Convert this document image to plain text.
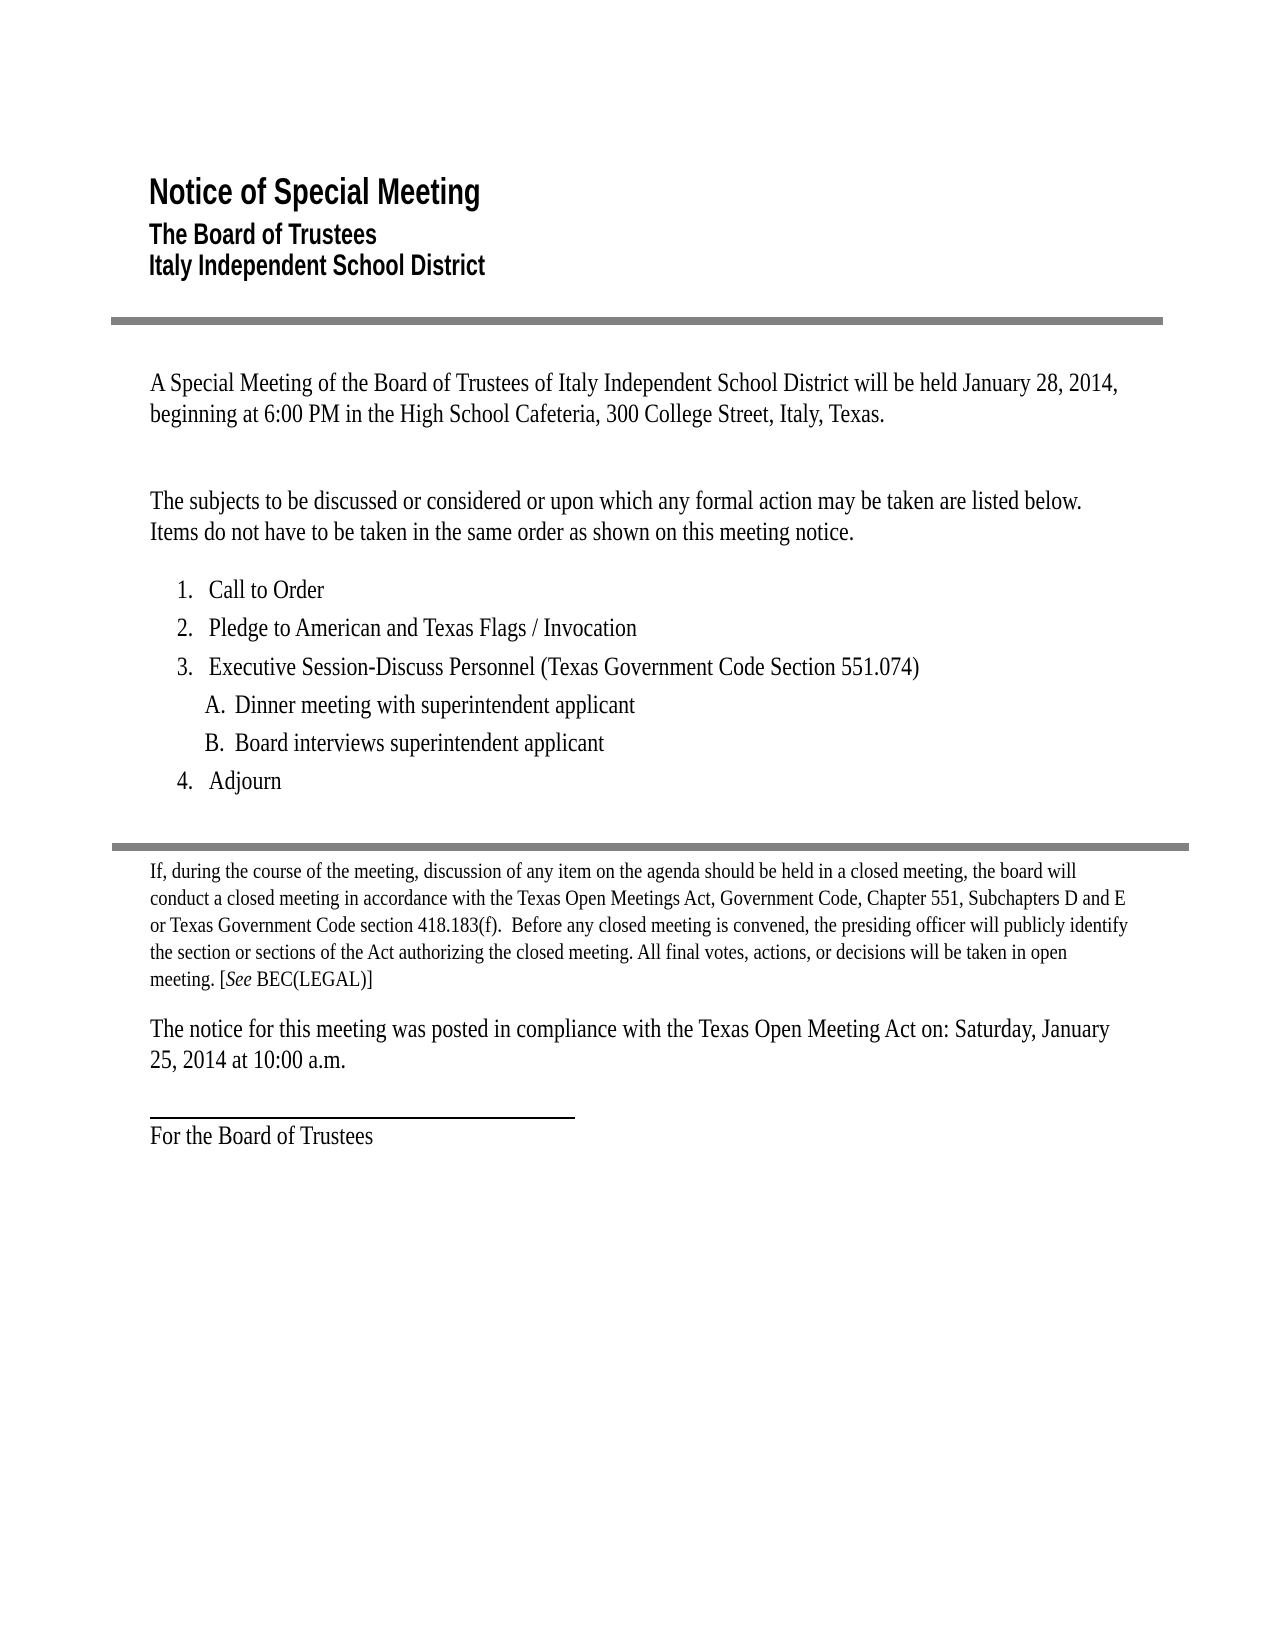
Notice of Special Meeting
The Board of Trustees
Italy Independent School District

A Special Meeting of the Board of Trustees of Italy Independent School District will be held January 28, 2014, beginning at 6:00 PM in the High School Cafeteria, 300 College Street, Italy, Texas.

The subjects to be discussed or considered or upon which any formal action may be taken are listed below. Items do not have to be taken in the same order as shown on this meeting notice.

1. Call to Order
2. Pledge to American and Texas Flags / Invocation
3. Executive Session-Discuss Personnel (Texas Government Code Section 551.074)
A. Dinner meeting with superintendent applicant
B. Board interviews superintendent applicant
4. Adjourn

If, during the course of the meeting, discussion of any item on the agenda should be held in a closed meeting, the board will conduct a closed meeting in accordance with the Texas Open Meetings Act, Government Code, Chapter 551, Subchapters D and E or Texas Government Code section 418.183(f).  Before any closed meeting is convened, the presiding officer will publicly identify the section or sections of the Act authorizing the closed meeting. All final votes, actions, or decisions will be taken in open meeting. [See BEC(LEGAL)]

The notice for this meeting was posted in compliance with the Texas Open Meeting Act on: Saturday, January 25, 2014 at 10:00 a.m.

For the Board of Trustees
